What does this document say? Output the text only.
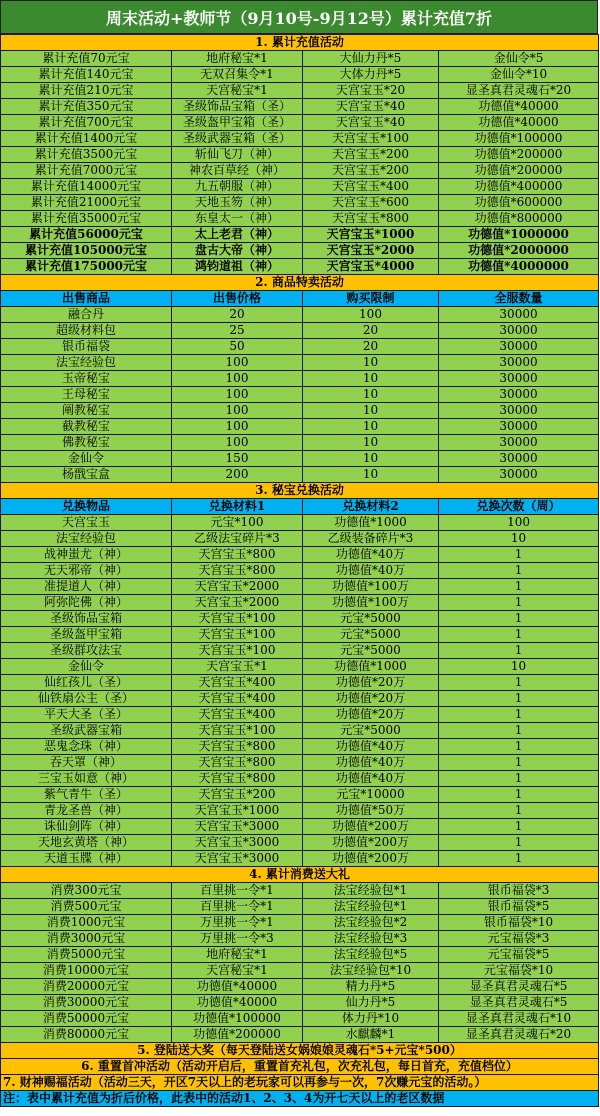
周末活动+教师节（9月10号-9月12号）累计充值7折
1. 累计充值活动			
累计充值70元宝	地府秘宝*1	大仙力丹*5	金仙令*5
累计充值140元宝	无双召集令*1	大体力丹*5	金仙令*10
累计充值210元宝	天宫秘宝*1	天宫宝玉*20	显圣真君灵魂石*20
累计充值350元宝	圣级饰品宝箱（圣）	天宫宝玉*40	功德值*40000
累计充值700元宝	圣级盔甲宝箱（圣）	天宫宝玉*40	功德值*40000
累计充值1400元宝	圣级武器宝箱（圣）	天宫宝玉*100	功德值*100000
累计充值3500元宝	斩仙飞刀（神）	天宫宝玉*200	功德值*200000
累计充值7000元宝	神农百草经（神）	天宫宝玉*200	功德值*200000
累计充值14000元宝	九五朝服（神）	天宫宝玉*400	功德值*400000
累计充值21000元宝	天地玉笏（神）	天宫宝玉*600	功德值*600000
累计充值35000元宝	东皇太一（神）	天宫宝玉*800	功德值*800000
累计充值56000元宝	太上老君（神）	天宫宝玉*1000	功德值*1000000
累计充值105000元宝	盘古大帝（神）	天宫宝玉*2000	功德值*2000000
累计充值175000元宝	鸿钧道祖（神）	天宫宝玉*4000	功德值*4000000
2. 商品特卖活动			
出售商品	出售价格	购买限制	全服数量
融合丹	20	100	30000
超级材料包	25	20	30000
银币福袋	50	20	30000
法宝经验包	100	10	30000
玉帝秘宝	100	10	30000
王母秘宝	100	10	30000
阐教秘宝	100	10	30000
截教秘宝	100	10	30000
佛教秘宝	100	10	30000
金仙令	150	10	30000
杨戬宝盒	200	10	30000
3. 秘宝兑换活动			
兑换物品	兑换材料1	兑换材料2	兑换次数（周）
天宫宝玉	元宝*100	功德值*1000	100
法宝经验包	乙级法宝碎片*3	乙级装备碎片*3	10
战神蚩尤（神）	天宫宝玉*800	功德值*40万	1
无天邪帝（神）	天宫宝玉*800	功德值*40万	1
准提道人（神）	天宫宝玉*2000	功德值*100万	1
阿弥陀佛（神）	天宫宝玉*2000	功德值*100万	1
圣级饰品宝箱	天宫宝玉*100	元宝*5000	1
圣级盔甲宝箱	天宫宝玉*100	元宝*5000	1
圣级群攻法宝	天宫宝玉*100	元宝*5000	1
金仙令	天宫宝玉*1	功德值*1000	10
仙红孩儿（圣）	天宫宝玉*400	功德值*20万	1
仙铁扇公主（圣）	天宫宝玉*400	功德值*20万	1
平天大圣（圣）	天宫宝玉*400	功德值*20万	1
圣级武器宝箱	天宫宝玉*100	元宝*5000	1
恶鬼念珠（神）	天宫宝玉*800	功德值*40万	1
吞天罩（神）	天宫宝玉*800	功德值*40万	1
三宝玉如意（神）	天宫宝玉*800	功德值*40万	1
紫气青牛（圣）	天宫宝玉*200	元宝*10000	1
青龙圣兽（神）	天宫宝玉*1000	功德值*50万	1
诛仙剑阵（神）	天宫宝玉*3000	功德值*200万	1
天地玄黄塔（神）	天宫宝玉*3000	功德值*200万	1
天道玉牒（神）	天宫宝玉*3000	功德值*200万	1
4. 累计消费送大礼			
消费300元宝	百里挑一令*1	法宝经验包*1	银币福袋*3
消费500元宝	百里挑一令*1	法宝经验包*1	银币福袋*5
消费1000元宝	万里挑一令*1	法宝经验包*2	银币福袋*10
消费3000元宝	万里挑一令*3	法宝经验包*3	元宝福袋*3
消费5000元宝	地府秘宝*1	法宝经验包*5	元宝福袋*5
消费10000元宝	天宫秘宝*1	法宝经验包*10	元宝福袋*10
消费20000元宝	功德值*40000	精力丹*5	显圣真君灵魂石*5
消费30000元宝	功德值*40000	仙力丹*5	显圣真君灵魂石*5
消费50000元宝	功德值*100000	体力丹*10	显圣真君灵魂石*10
消费80000元宝	功德值*200000	水麒麟*1	显圣真君灵魂石*20
5. 登陆送大奖（每天登陆送女娲娘娘灵魂石*5+元宝*500）			
6. 重置首冲活动（活动开启后，重置首充礼包，次充礼包，每日首充，充值档位）			
7. 财神赐福活动（活动三天，开区7天以上的老玩家可以再参与一次，7次赚元宝的活动。）			
注：表中累计充值为折后价格，此表中的活动1、2、3、4为开七天以上的老区数据			
